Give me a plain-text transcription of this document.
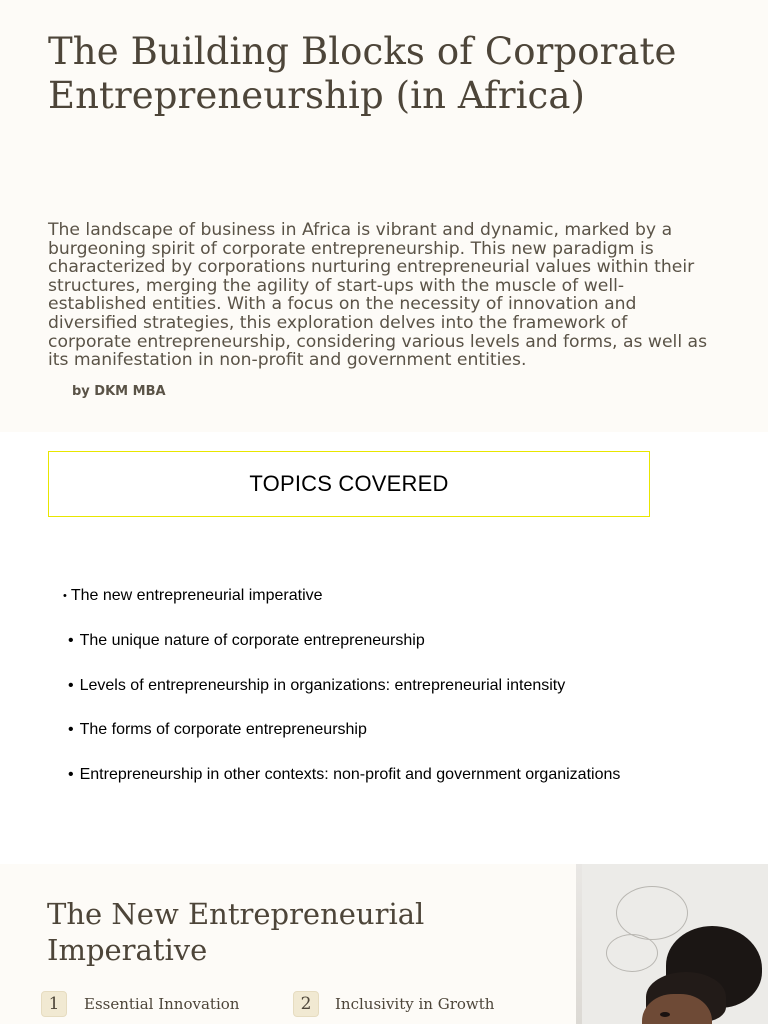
The Building Blocks of Corporate Entrepreneurship (in Africa)

The landscape of business in Africa is vibrant and dynamic, marked by a burgeoning spirit of corporate entrepreneurship. This new paradigm is characterized by corporations nurturing entrepreneurial values within their structures, merging the agility of start-ups with the muscle of well-established entities. With a focus on the necessity of innovation and diversified strategies, this exploration delves into the framework of corporate entrepreneurship, considering various levels and forms, as well as its manifestation in non-profit and government entities.

by DKM MBA

TOPICS COVERED
• The new entrepreneurial imperative
• The unique nature of corporate entrepreneurship
• Levels of entrepreneurship in organizations: entrepreneurial intensity
• The forms of corporate entrepreneurship
• Entrepreneurship in other contexts: non-profit and government organizations
The New Entrepreneurial Imperative
1	Essential Innovation	2	Inclusivity in Growth
